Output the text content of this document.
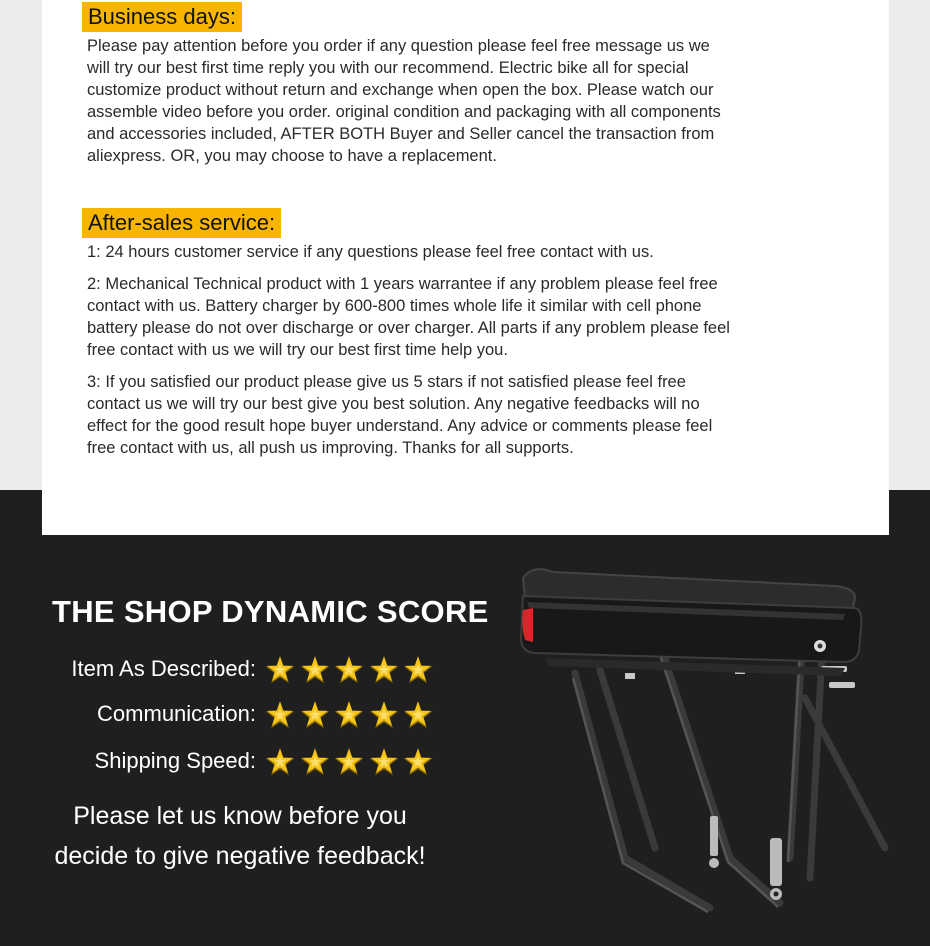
Business days:

Please pay attention before you order if any question please feel free message us we

will try our best first time reply you with our recommend. Electric bike all for special

customize product without return and exchange when open the box. Please watch our

assemble video before you order. original condition and packaging with all components

and accessories included, AFTER BOTH Buyer and Seller cancel the transaction from

aliexpress. OR, you may choose to have a replacement.

After-sales service:

1: 24 hours customer service if any questions please feel free contact with us.

2: Mechanical Technical product with 1 years warrantee if any problem please feel free

contact with us. Battery charger by 600-800 times whole life it similar with cell phone

battery please do not over discharge or over charger. All parts if any problem please feel

free contact with us we will try our best first time help you.

3: If you satisfied our product please give us 5 stars if not satisfied please feel free

contact us we will try our best give you best solution. Any negative feedbacks will no

effect for the good result hope buyer understand. Any advice or comments please feel

free contact with us, all push us improving. Thanks for all supports.

THE SHOP DYNAMIC SCORE
Item As Described:
Communication:
Shipping Speed:

Please let us know before you

decide to give negative feedback!
